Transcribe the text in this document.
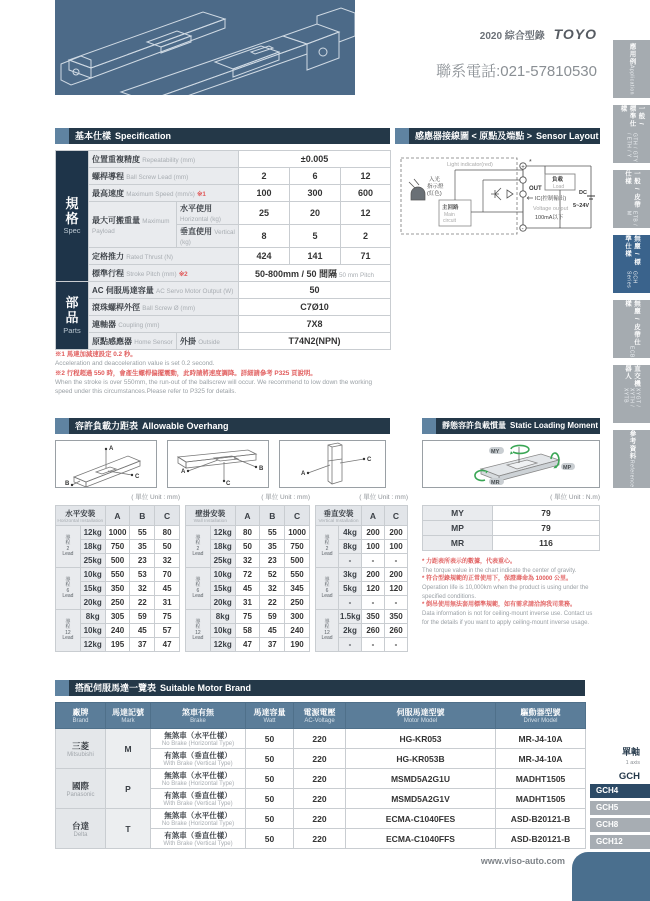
2020 綜合型錄 TOYO
聯系電話:021-57810530
應用例
Application
一般 / 標準仕樣
GTH / GTY / ETH / Y
一般 / 皮帶仕樣
ETB / M
無塵 / 標準仕樣
GCH Series
無塵 / 皮帶仕樣
ECB
直交機器人
XYGT / XYTH / XYTB
參考資料
Reference
基本仕樣 Specification
規
格
Spec	位置重複精度 Repeatability (mm)		±0.005		
	螺桿導程 Ball Screw Lead (mm)		2	6	12
	最高速度 Maximum Speed (mm/s) ※1		100	300	600
	最大可搬重量 Maximum Payload	水平使用 Horizontal (kg)	25	20	12
		垂直使用 Vertical (kg)	8	5	2
	定格推力 Rated Thrust (N)		424	141	71
	標準行程 Stroke Pitch (mm) ※2		50-800mm / 50 間隔 50 mm Pitch		

部
品
Parts	AC 伺服馬達容量 AC Servo Motor Output (W)		50		
	滾珠螺桿外徑 Ball Screw Ø (mm)		C7Ø10		
	連軸器 Coupling (mm)		7X8		
	原點感應器 Home Sensor	外掛 Outside	T74N2(NPN)		
※1 馬達加減速設定 0.2 秒。
Acceleration and deacceleration value is set 0.2 second.
※2 行程超過 550 時，會產生螺桿偏擺震動，此時請將速度調降。詳細請參考 P325 頁說明。
When the stroke is over 550mm, the run-out of the ballscrew will occur. We recommend to low down the working speed under this circumstances.Please refer to P325 for details.
感應器接線圖 < 原點及端點 > Sensor Layout
入光
指示燈
(紅色)
Light indicator(red)
主回路
Main
circuit
+
*
-
OUT
負載
Load
DC
5~24V
IC(控制輸出)
Voltage output
100mA以下
容許負載力距表 Allowable Overhang
A
C
B
A	B
C
A
C
( 單位 Unit : mm)	( 單位 Unit : mm)	( 單位 Unit : mm)
水平安裝
Horizontal Installation		A	B	C

導
程
2
Lead	12kg	1000	55	80
	18kg	750	35	50
	25kg	500	23	32

導
程
6
Lead	10kg	550	53	70
	15kg	350	32	45
	20kg	250	22	31

導
程
12
Lead	8kg	305	59	75
	10kg	240	45	57
	12kg	195	37	47
壁掛安裝
Wall Installation		A	B	C

導
程
2
Lead	12kg	80	55	1000
	18kg	50	35	750
	25kg	32	23	500

導
程
6
Lead	10kg	72	52	550
	15kg	45	32	345
	20kg	31	22	250

導
程
12
Lead	8kg	75	59	300
	10kg	58	45	240
	12kg	47	37	190
垂直安裝
Vertical Installation		A	C

導
程
2
Lead	4kg	200	200
	8kg	100	100
	-	-	-

導
程
6
Lead	3kg	200	200
	5kg	120	120
	-	-	-

導
程
12
Lead	1.5kg	350	350
	2kg	260	260
	-	-	-
靜態容許負載慣量 Static Loading Moment
MY
MP
MR
( 單位 Unit : N.m)
MY	79
MP	79
MR	116
* 力距表所表示的數據，代表重心。
The torque value in the chart indicate the center of gravity.
* 符合型錄規範的正常使用下，保證壽命為 10000 公里。
Operation life is 10,000km when the product is using under the specified conditions.
* 倒吊使用無法套用標準規範，如有需求請洽詢我司業務。
Data information is not for ceiling-mount inverse use. Contact us for the details if you want to apply ceiling-mount inverse usage.
搭配伺服馬達一覽表 Suitable Motor Brand
廠牌
Brand	馬達記號
Mark	煞車有無
Brake	馬達容量
Watt	電源電壓
AC-Voltage	伺服馬達型號
Motor Model	驅動器型號
Driver Model

三菱
Mitsubishi	M	無煞車（水平仕樣）
No Brake (Horizontal Type)	50	220	HG-KR053	MR-J4-10A

		有煞車（垂直仕樣）
With Brake (Vertical Type)	50	220	HG-KR053B	MR-J4-10A

國際
Panasonic	P	無煞車（水平仕樣）
No Brake (Horizontal Type)	50	220	MSMD5A2G1U	MADHT1505

		有煞車（垂直仕樣）
With Brake (Vertical Type)	50	220	MSMD5A2G1V	MADHT1505

台達
Delta	T	無煞車（水平仕樣）
No Brake (Horizontal Type)	50	220	ECMA-C1040FES	ASD-B20121-B

		有煞車（垂直仕樣）
With Brake (Vertical Type)	50	220	ECMA-C1040FFS	ASD-B20121-B
單軸
1 axis
GCH
GCH4
GCH5
GCH8
GCH12
www.viso-auto.com
